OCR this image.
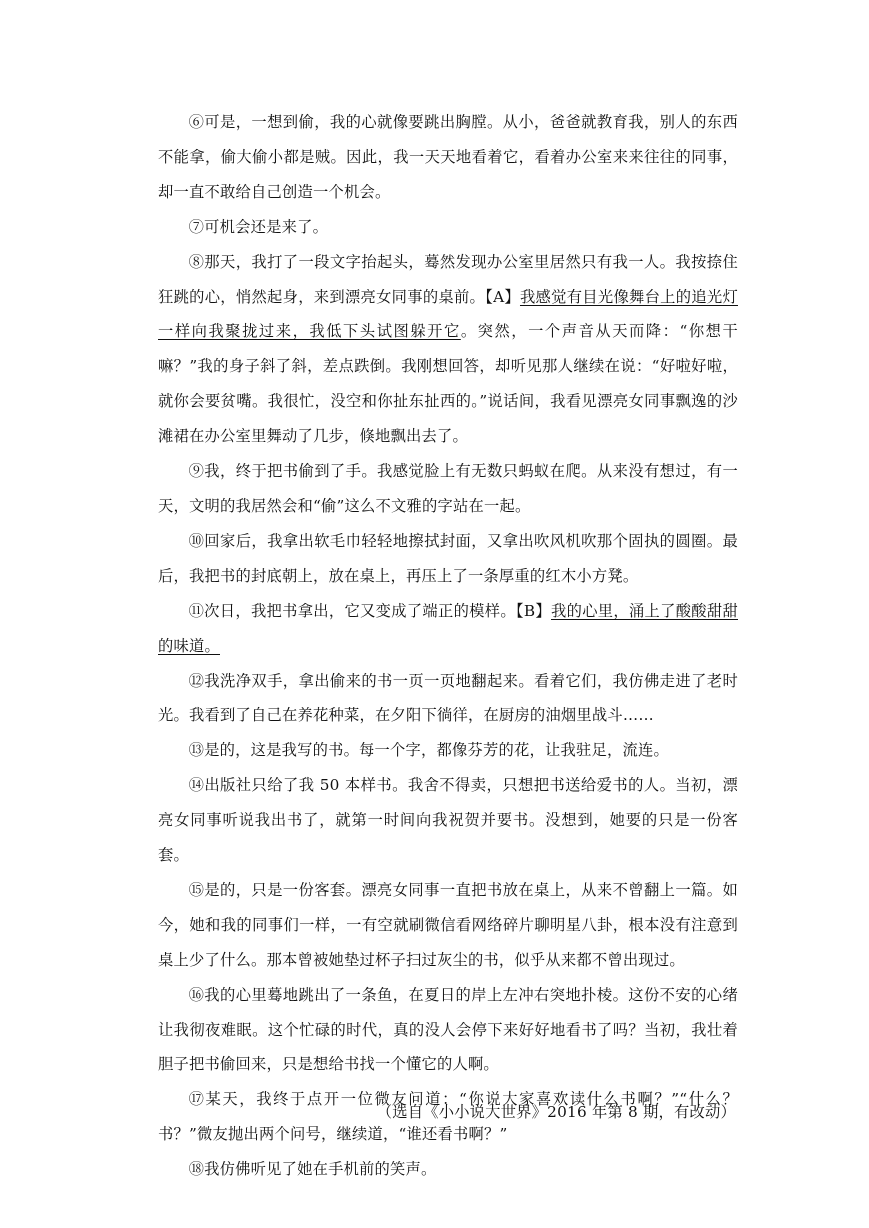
⑥可是，一想到偷，我的心就像要跳出胸膛。从小，爸爸就教育我，别人的东西不能拿，偷大偷小都是贼。因此，我一天天地看着它，看着办公室来来往往的同事，却一直不敢给自己创造一个机会。

⑦可机会还是来了。

⑧那天，我打了一段文字抬起头，蓦然发现办公室里居然只有我一人。我按捺住狂跳的心，悄然起身，来到漂亮女同事的桌前。【A】我感觉有目光像舞台上的追光灯一样向我聚拢过来，我低下头试图躲开它。突然，一个声音从天而降：“你想干嘛？”我的身子斜了斜，差点跌倒。我刚想回答，却听见那人继续在说：“好啦好啦，就你会要贫嘴。我很忙，没空和你扯东扯西的。”说话间，我看见漂亮女同事飘逸的沙滩裙在办公室里舞动了几步，倏地飘出去了。

⑨我，终于把书偷到了手。我感觉脸上有无数只蚂蚁在爬。从来没有想过，有一天，文明的我居然会和“偷”这么不文雅的字站在一起。

⑩回家后，我拿出软毛巾轻轻地擦拭封面，又拿出吹风机吹那个固执的圆圈。最后，我把书的封底朝上，放在桌上，再压上了一条厚重的红木小方凳。

⑪次日，我把书拿出，它又变成了端正的模样。【B】我的心里，涌上了酸酸甜甜的味道。

⑫我洗净双手，拿出偷来的书一页一页地翻起来。看着它们，我仿佛走进了老时光。我看到了自己在养花种菜，在夕阳下徜徉，在厨房的油烟里战斗……

⑬是的，这是我写的书。每一个字，都像芬芳的花，让我驻足，流连。

⑭出版社只给了我 50 本样书。我舍不得卖，只想把书送给爱书的人。当初，漂亮女同事听说我出书了，就第一时间向我祝贺并要书。没想到，她要的只是一份客套。

⑮是的，只是一份客套。漂亮女同事一直把书放在桌上，从来不曾翻上一篇。如今，她和我的同事们一样，一有空就刷微信看网络碎片聊明星八卦，根本没有注意到桌上少了什么。那本曾被她垫过杯子扫过灰尘的书，似乎从来都不曾出现过。

⑯我的心里蓦地跳出了一条鱼，在夏日的岸上左冲右突地扑棱。这份不安的心绪让我彻夜难眠。这个忙碌的时代，真的没人会停下来好好地看书了吗？当初，我壮着胆子把书偷回来，只是想给书找一个懂它的人啊。

⑰某天，我终于点开一位微友问道：“你说大家喜欢读什么书啊？”“什么？书？”微友抛出两个问号，继续道，“谁还看书啊？”

⑱我仿佛听见了她在手机前的笑声。

（选自《小小说大世界》2016 年第 8 期，有改动）
